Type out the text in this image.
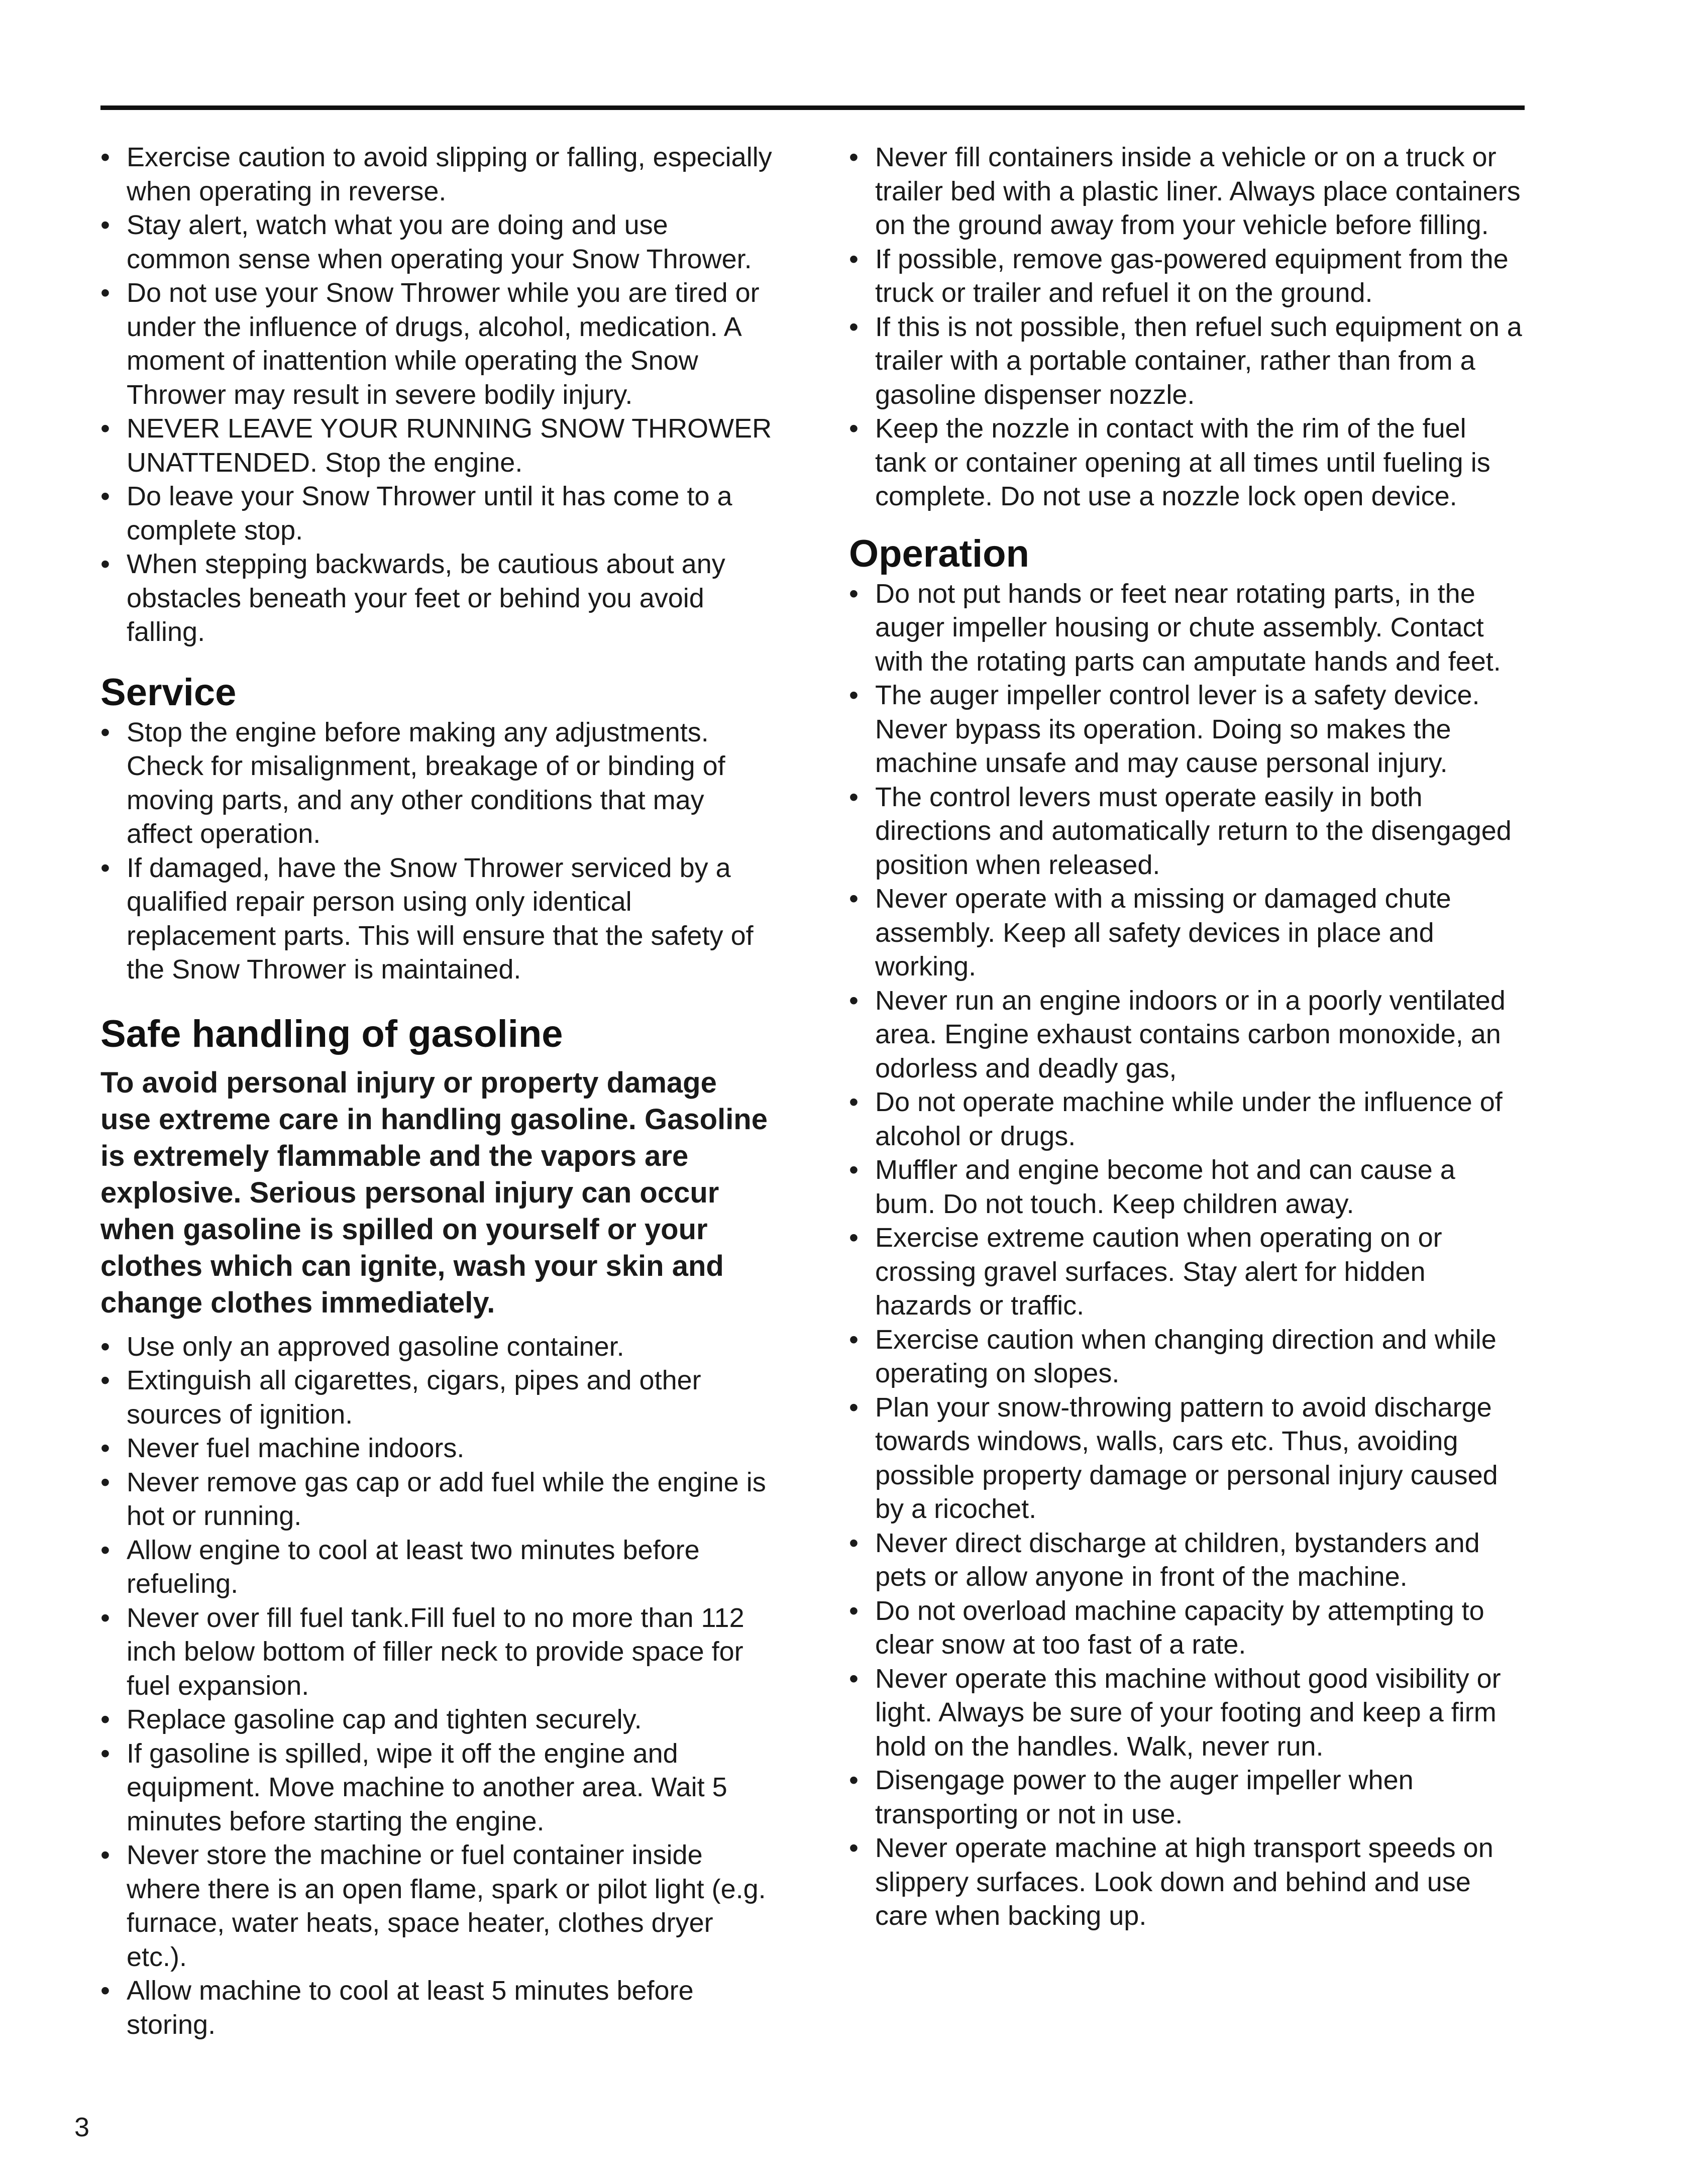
• Exercise caution to avoid slipping or falling, especially when operating in reverse.
• Stay alert, watch what you are doing and use common sense when operating your Snow Thrower.
• Do not use your Snow Thrower while you are tired or under the influence of drugs, alcohol, medication. A moment of inattention while operating the Snow Thrower may result in severe bodily injury.
• NEVER LEAVE YOUR RUNNING SNOW THROWER UNATTENDED. Stop the engine.
• Do leave your Snow Thrower until it has come to a complete stop.
• When stepping backwards, be cautious about any obstacles beneath your feet or behind you avoid falling.
Service
• Stop the engine before making any adjustments. Check for misalignment, breakage of or binding of moving parts, and any other conditions that may affect operation.
• If damaged, have the Snow Thrower serviced by a qualified repair person using only identical replacement parts. This will ensure that the safety of the Snow Thrower is maintained.
Safe handling of gasoline

To avoid personal injury or property damage use extreme care in handling gasoline. Gasoline is extremely flammable and the vapors are explosive. Serious personal injury can occur when gasoline is spilled on yourself or your clothes which can ignite, wash your skin and change clothes immediately.

• Use only an approved gasoline container.
• Extinguish all cigarettes, cigars, pipes and other sources of ignition.
• Never fuel machine indoors.
• Never remove gas cap or add fuel while the engine is hot or running.
• Allow engine to cool at least two minutes before refueling.
• Never over fill fuel tank.Fill fuel to no more than 112 inch below bottom of filler neck to provide space for fuel expansion.
• Replace gasoline cap and tighten securely.
• If gasoline is spilled, wipe it off the engine and equipment. Move machine to another area. Wait 5 minutes before starting the engine.
• Never store the machine or fuel container inside where there is an open flame, spark or pilot light (e.g. furnace, water heats, space heater, clothes dryer etc.).
• Allow machine to cool at least 5 minutes before storing.
• Never fill containers inside a vehicle or on a truck or trailer bed with a plastic liner. Always place containers on the ground away from your vehicle before filling.
• If possible, remove gas-powered equipment from the truck or trailer and refuel it on the ground.
• If this is not possible, then refuel such equipment on a trailer with a portable container, rather than from a gasoline dispenser nozzle.
• Keep the nozzle in contact with the rim of the fuel tank or container opening at all times until fueling is complete. Do not use a nozzle lock open device.
Operation
• Do not put hands or feet near rotating parts, in the auger impeller housing or chute assembly. Contact with the rotating parts can amputate hands and feet.
• The auger impeller control lever is a safety device. Never bypass its operation. Doing so makes the machine unsafe and may cause personal injury.
• The control levers must operate easily in both directions and automatically return to the disengaged position when released.
• Never operate with a missing or damaged chute assembly. Keep all safety devices in place and working.
• Never run an engine indoors or in a poorly ventilated area. Engine exhaust contains carbon monoxide, an odorless and deadly gas,
• Do not operate machine while under the influence of alcohol or drugs.
• Muffler and engine become hot and can cause a bum. Do not touch. Keep children away.
• Exercise extreme caution when operating on or crossing gravel surfaces. Stay alert for hidden hazards or traffic.
• Exercise caution when changing direction and while operating on slopes.
• Plan your snow-throwing pattern to avoid discharge towards windows, walls, cars etc. Thus, avoiding possible property damage or personal injury caused by a ricochet.
• Never direct discharge at children, bystanders and pets or allow anyone in front of the machine.
• Do not overload machine capacity by attempting to clear snow at too fast of a rate.
• Never operate this machine without good visibility or light. Always be sure of your footing and keep a firm hold on the handles. Walk, never run.
• Disengage power to the auger impeller when transporting or not in use.
• Never operate machine at high transport speeds on slippery surfaces. Look down and behind and use care when backing up.
3
